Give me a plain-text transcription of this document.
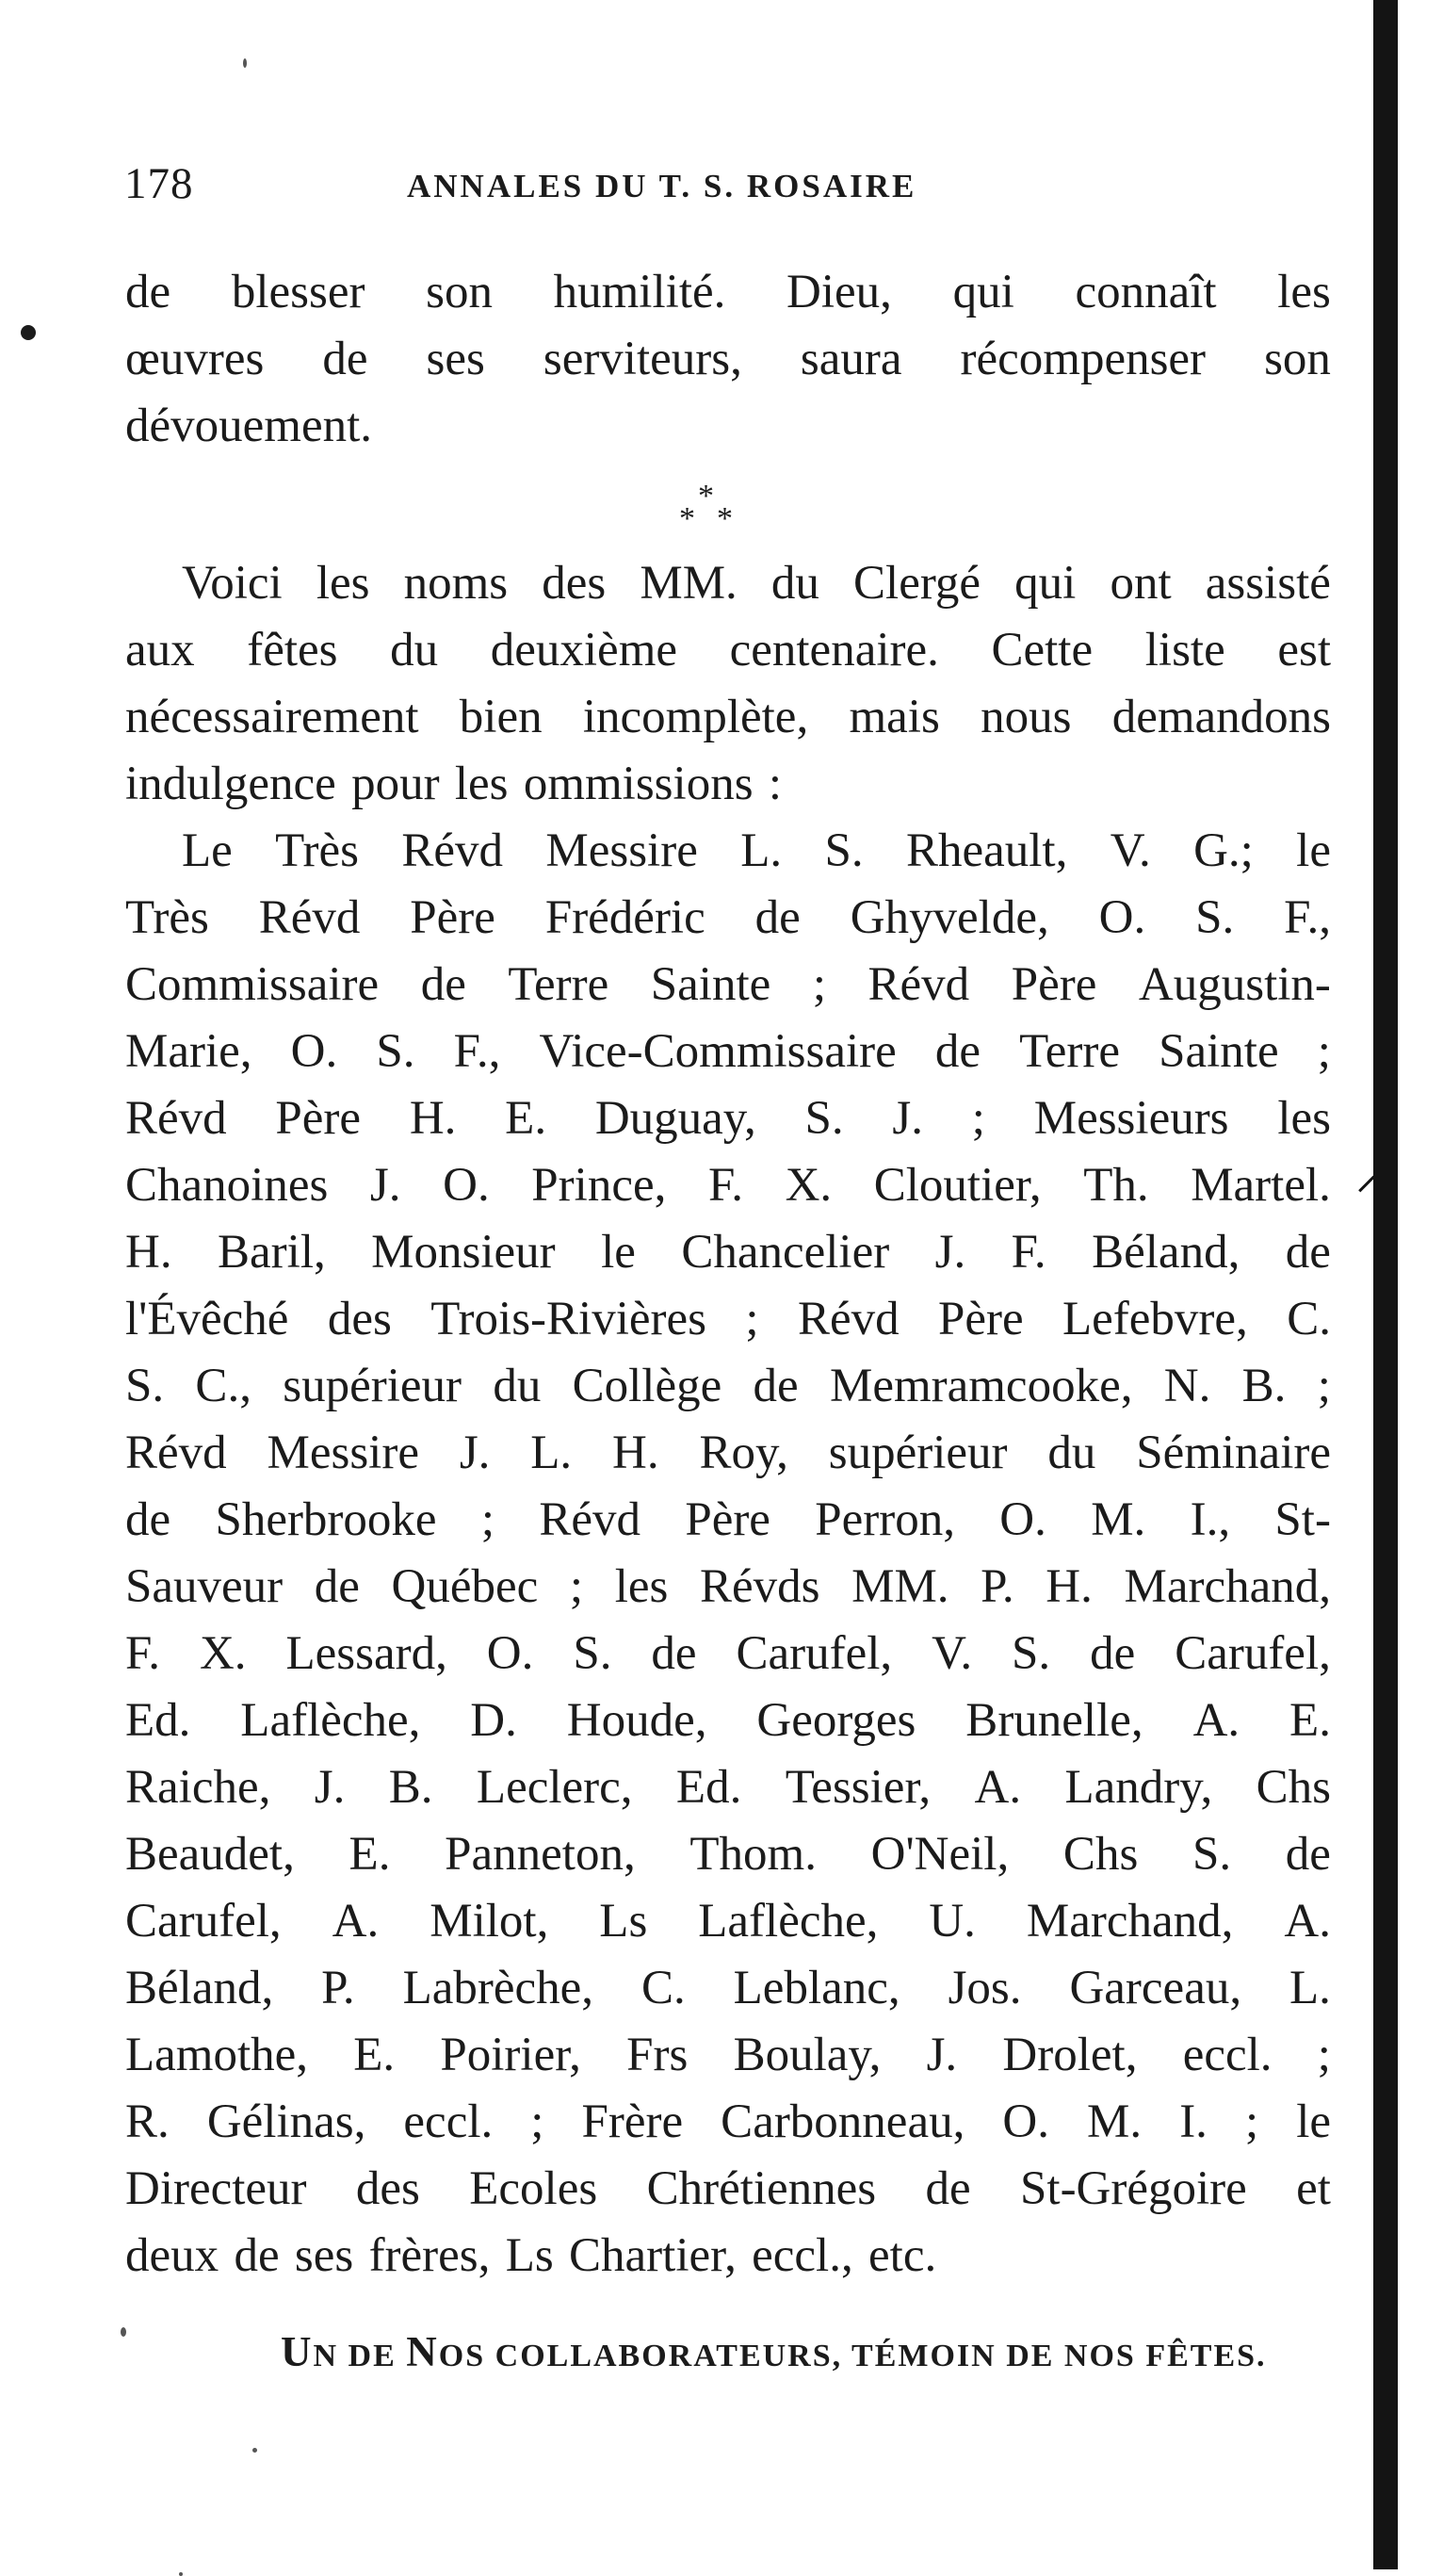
178	ANNALES DU T. S. ROSAIRE
de blesser son humilité. Dieu, qui connaît les
œuvres de ses serviteurs, saura récompenser son
dévouement.
*
* *
Voici les noms des MM. du Clergé qui ont assisté
aux fêtes du deuxième centenaire. Cette liste est
nécessairement bien incomplète, mais nous demandons
indulgence pour les ommissions :
Le Très Révd Messire L. S. Rheault, V. G.; le
Très Révd Père Frédéric de Ghyvelde, O. S. F.,
Commissaire de Terre Sainte ; Révd Père Augustin-
Marie, O. S. F., Vice-Commissaire de Terre Sainte ;
Révd Père H. E. Duguay, S. J. ; Messieurs les
Chanoines J. O. Prince, F. X. Cloutier, Th. Martel.
H. Baril, Monsieur le Chancelier J. F. Béland, de
l'Évêché des Trois-Rivières ; Révd Père Lefebvre, C.
S. C., supérieur du Collège de Memramcooke, N. B. ;
Révd Messire J. L. H. Roy, supérieur du Séminaire
de Sherbrooke ; Révd Père Perron, O. M. I., St-
Sauveur de Québec ; les Révds MM. P. H. Marchand,
F. X. Lessard, O. S. de Carufel, V. S. de Carufel,
Ed. Laflèche, D. Houde, Georges Brunelle, A. E.
Raiche, J. B. Leclerc, Ed. Tessier, A. Landry, Chs
Beaudet, E. Panneton, Thom. O'Neil, Chs S. de
Carufel, A. Milot, Ls Laflèche, U. Marchand, A.
Béland, P. Labrèche, C. Leblanc, Jos. Garceau, L.
Lamothe, E. Poirier, Frs Boulay, J. Drolet, eccl. ;
R. Gélinas, eccl. ; Frère Carbonneau, O. M. I. ; le
Directeur des Ecoles Chrétiennes de St-Grégoire et
deux de ses frères, Ls Chartier, eccl., etc.
UN DE NOS COLLABORATEURS, TÉMOIN DE NOS FÊTES.
